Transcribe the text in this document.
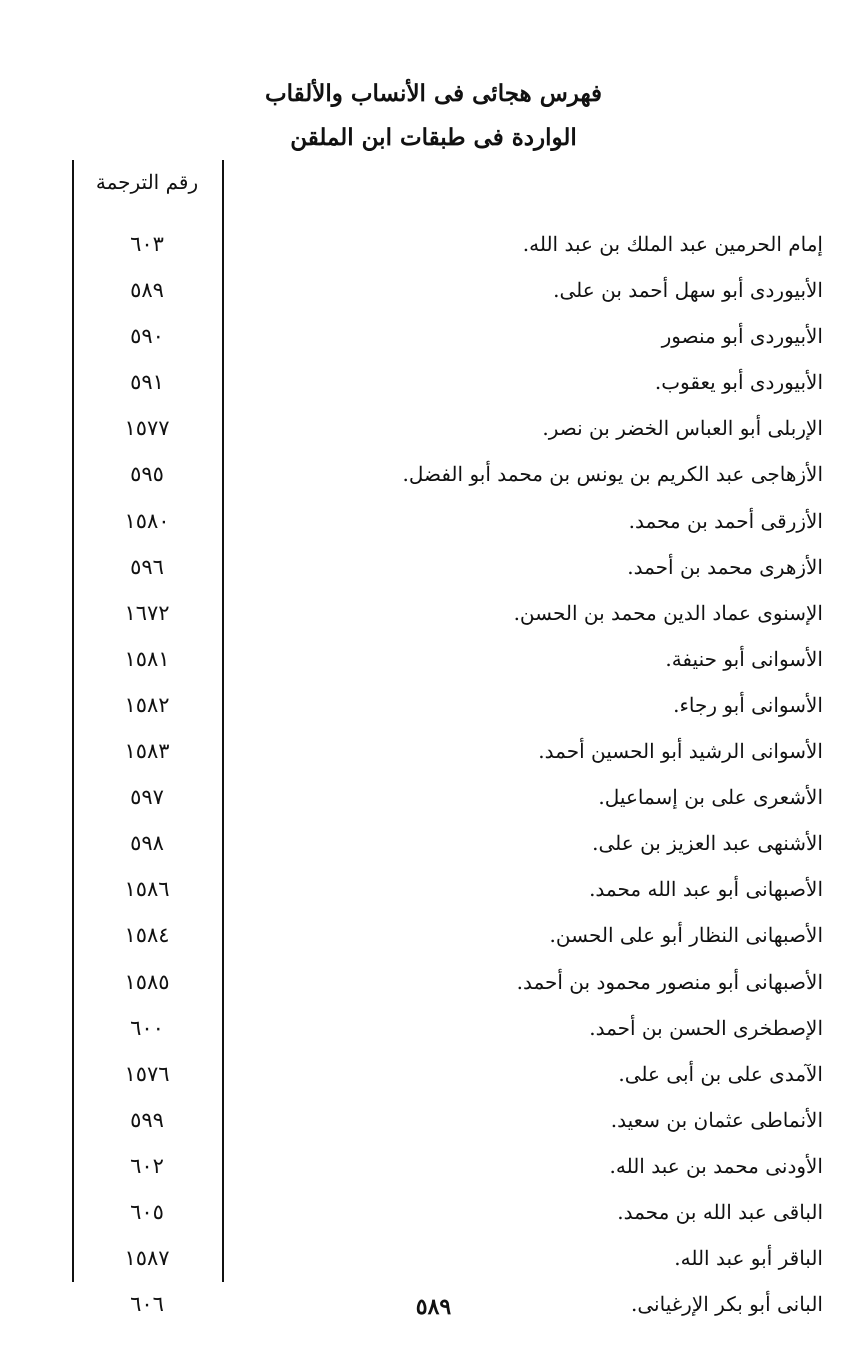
فهرس هجائى فى الأنساب والألقاب
الواردة فى طبقات ابن الملقن
رقم الترجمة
إمام الحرمين عبد الملك بن عبد الله.
٦٠٣
الأبيوردى أبو سهل أحمد بن على.
٥٨٩
الأبيوردى أبو منصور
٥٩٠
الأبيوردى أبو يعقوب.
٥٩١
الإربلى أبو العباس الخضر بن نصر.
١٥٧٧
الأزهاجى عبد الكريم بن يونس بن محمد أبو الفضل.
٥٩٥
الأزرقى أحمد بن محمد.
١٥٨٠
الأزهرى محمد بن أحمد.
٥٩٦
الإسنوى عماد الدين محمد بن الحسن.
١٦٧٢
الأسوانى أبو حنيفة.
١٥٨١
الأسوانى أبو رجاء.
١٥٨٢
الأسوانى الرشيد أبو الحسين أحمد.
١٥٨٣
الأشعرى على بن إسماعيل.
٥٩٧
الأشنهى عبد العزيز بن على.
٥٩٨
الأصبهانى أبو عبد الله محمد.
١٥٨٦
الأصبهانى النظار أبو على الحسن.
١٥٨٤
الأصبهانى أبو منصور محمود بن أحمد.
١٥٨٥
الإصطخرى الحسن بن أحمد.
٦٠٠
الآمدى على بن أبى على.
١٥٧٦
الأنماطى عثمان بن سعيد.
٥٩٩
الأودنى محمد بن عبد الله.
٦٠٢
الباقى عبد الله بن محمد.
٦٠٥
الباقر أبو عبد الله.
١٥٨٧
البانى أبو بكر الإرغيانى.
٦٠٦	٥٨٩
